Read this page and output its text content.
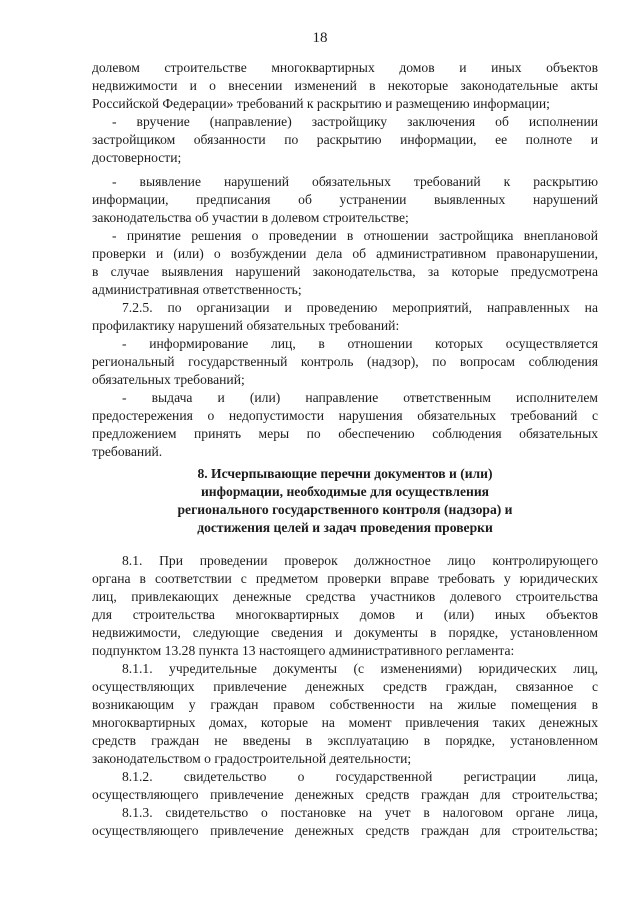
18
долевом строительстве многоквартирных домов и иных объектов
недвижимости и о внесении изменений в некоторые законодательные акты
Российской Федерации» требований к раскрытию и размещению информации;
- вручение (направление) застройщику заключения об исполнении
застройщиком обязанности по раскрытию информации, ее полноте и
достоверности;
- выявление нарушений обязательных требований к раскрытию
информации, предписания об устранении выявленных нарушений
законодательства об участии в долевом строительстве;
- принятие решения о проведении в отношении застройщика внеплановой
проверки и (или) о возбуждении дела об административном правонарушении,
в случае выявления нарушений законодательства, за которые предусмотрена
административная ответственность;
7.2.5. по организации и проведению мероприятий, направленных на
профилактику нарушений обязательных требований:
- информирование лиц, в отношении которых осуществляется
региональный государственный контроль (надзор), по вопросам соблюдения
обязательных требований;
- выдача и (или) направление ответственным исполнителем
предостережения о недопустимости нарушения обязательных требований с
предложением принять меры по обеспечению соблюдения обязательных
требований.
8. Исчерпывающие перечни документов и (или)
информации, необходимые для осуществления
регионального государственного контроля (надзора) и
достижения целей и задач проведения проверки
8.1. При проведении проверок должностное лицо контролирующего
органа в соответствии с предметом проверки вправе требовать у юридических
лиц, привлекающих денежные средства участников долевого строительства
для строительства многоквартирных домов и (или) иных объектов
недвижимости, следующие сведения и документы в порядке, установленном
подпунктом 13.28 пункта 13 настоящего административного регламента:
8.1.1. учредительные документы (с изменениями) юридических лиц,
осуществляющих привлечение денежных средств граждан, связанное с
возникающим у граждан правом собственности на жилые помещения в
многоквартирных домах, которые на момент привлечения таких денежных
средств граждан не введены в эксплуатацию в порядке, установленном
законодательством о градостроительной деятельности;
8.1.2. свидетельство о государственной регистрации лица,
осуществляющего привлечение денежных средств граждан для строительства;
8.1.3. свидетельство о постановке на учет в налоговом органе лица,
осуществляющего привлечение денежных средств граждан для строительства;
